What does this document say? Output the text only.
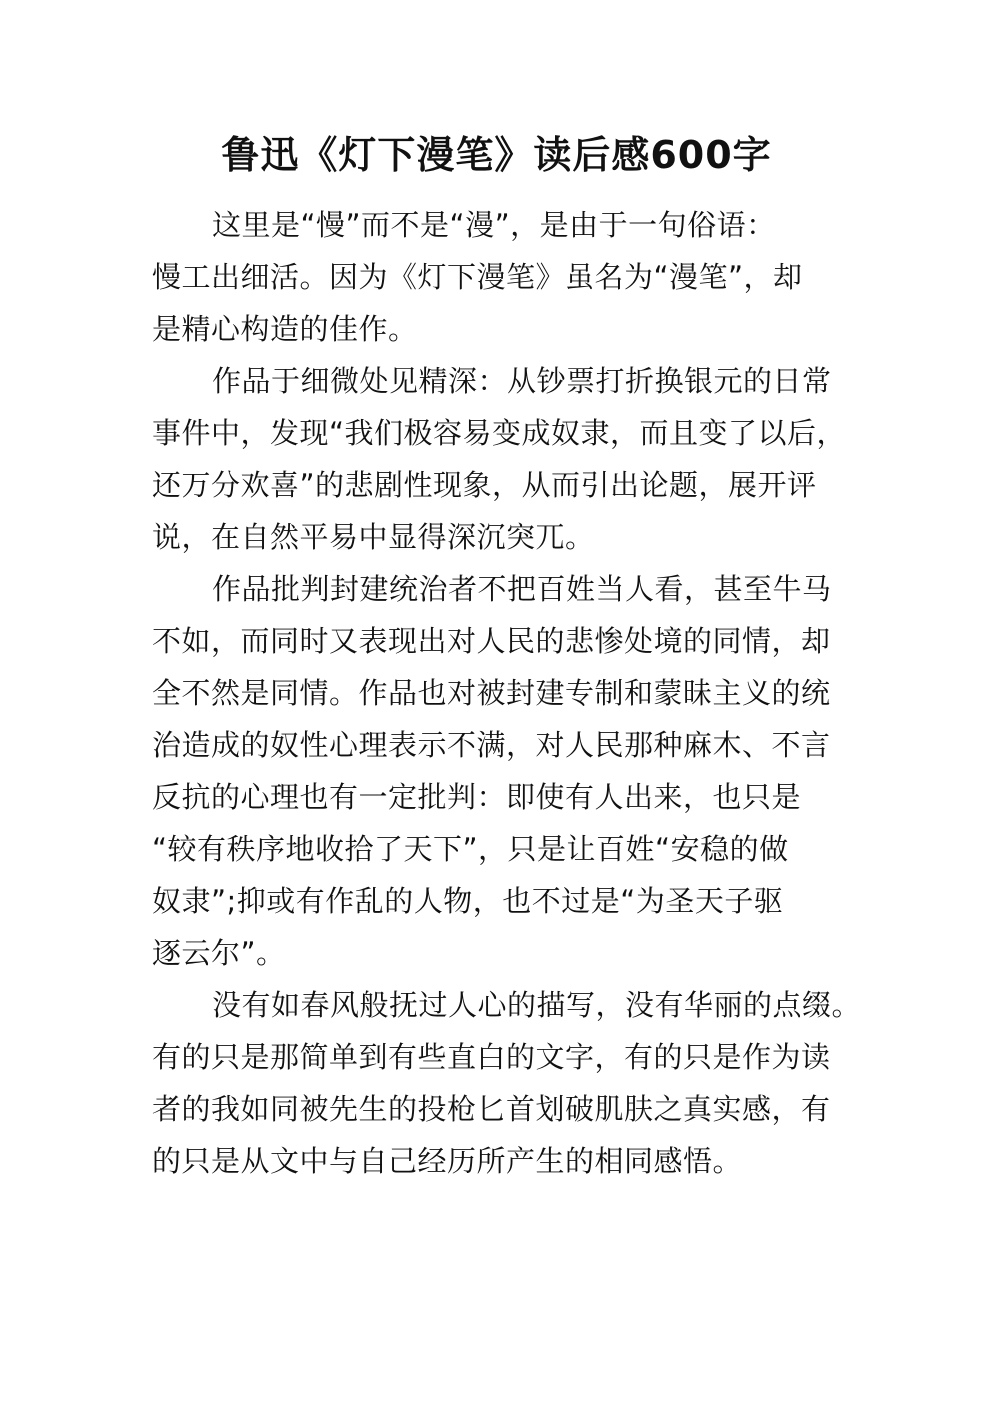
鲁迅《灯下漫笔》读后感600字
这里是“慢”而不是“漫”，是由于一句俗语：
慢工出细活。因为《灯下漫笔》虽名为“漫笔”，却
是精心构造的佳作。
作品于细微处见精深：从钞票打折换银元的日常
事件中，发现“我们极容易变成奴隶，而且变了以后，
还万分欢喜”的悲剧性现象，从而引出论题，展开评
说，在自然平易中显得深沉突兀。
作品批判封建统治者不把百姓当人看，甚至牛马
不如，而同时又表现出对人民的悲惨处境的同情，却
全不然是同情。作品也对被封建专制和蒙昧主义的统
治造成的奴性心理表示不满，对人民那种麻木、不言
反抗的心理也有一定批判：即使有人出来，也只是
“较有秩序地收拾了天下”，只是让百姓“安稳的做
奴隶”;抑或有作乱的人物，也不过是“为圣天子驱
逐云尔”。
没有如春风般抚过人心的描写，没有华丽的点缀。
有的只是那简单到有些直白的文字，有的只是作为读
者的我如同被先生的投枪匕首划破肌肤之真实感，有
的只是从文中与自己经历所产生的相同感悟。
